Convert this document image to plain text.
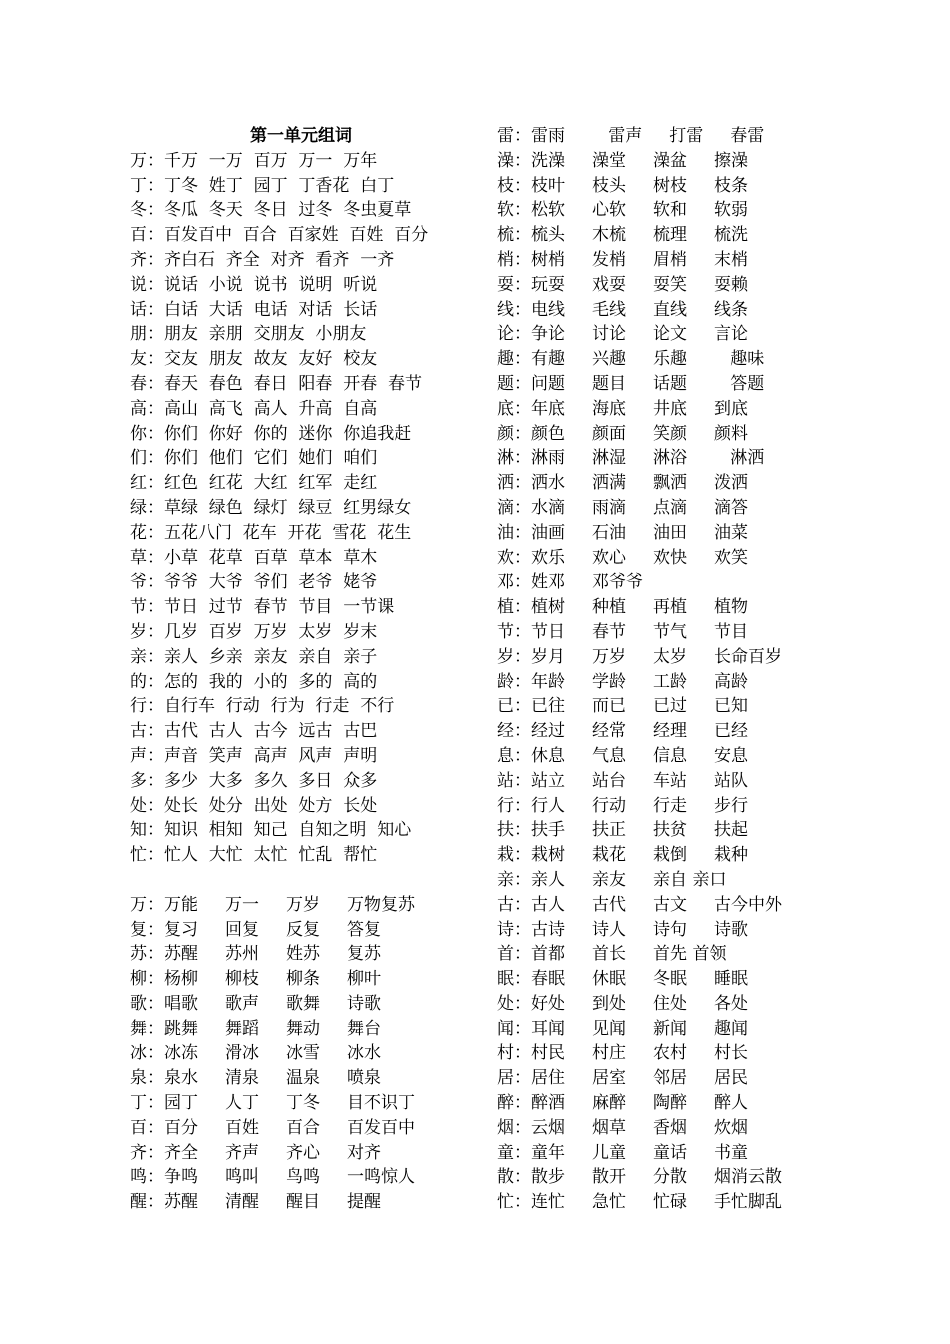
第一单元组词
万：千万  一万  百万  万一  万年
丁：丁冬  姓丁  园丁  丁香花  白丁
冬：冬瓜  冬天  冬日  过冬  冬虫夏草
百：百发百中  百合  百家姓  百姓  百分
齐：齐白石  齐全  对齐  看齐  一齐
说：说话  小说  说书  说明  听说
话：白话  大话  电话  对话  长话
朋：朋友  亲朋  交朋友  小朋友
友：交友  朋友  故友  友好  校友
春：春天  春色  春日  阳春  开春  春节
高：高山  高飞  高人  升高  自高
你：你们  你好  你的  迷你  你追我赶
们：你们  他们  它们  她们  咱们
红：红色  红花  大红  红军  走红
绿：草绿  绿色  绿灯  绿豆  红男绿女
花：五花八门  花车  开花  雪花  花生
草：小草  花草  百草  草本  草木
爷：爷爷  大爷  爷们  老爷  姥爷
节：节日  过节  春节  节目  一节课
岁：几岁  百岁  万岁  太岁  岁末
亲：亲人  乡亲  亲友  亲自  亲子
的：怎的  我的  小的  多的  高的
行：自行车  行动  行为  行走  不行
古：古代  古人  古今  远古  古巴
声：声音  笑声  高声  风声  声明
多：多少  大多  多久  多日  众多
处：处长  处分  出处  处方  长处
知：知识  相知  知己  自知之明  知心
忙：忙人  大忙  太忙  忙乱  帮忙
万：万能     万一     万岁     万物复苏
复：复习     回复     反复     答复
苏：苏醒     苏州     姓苏     复苏
柳：杨柳     柳枝     柳条     柳叶
歌：唱歌     歌声     歌舞     诗歌
舞：跳舞     舞蹈     舞动     舞台
冰：冰冻     滑冰     冰雪     冰水
泉：泉水     清泉     温泉     喷泉
丁：园丁     人丁     丁冬     目不识丁
百：百分     百姓     百合     百发百中
齐：齐全     齐声     齐心     对齐
鸣：争鸣     鸣叫     鸟鸣     一鸣惊人
醒：苏醒     清醒     醒目     提醒
雷：雷雨        雷声     打雷     春雷
澡：洗澡     澡堂     澡盆     擦澡
枝：枝叶     枝头     树枝     枝条
软：松软     心软     软和     软弱
梳：梳头     木梳     梳理     梳洗
梢：树梢     发梢     眉梢     末梢
耍：玩耍     戏耍     耍笑     耍赖
线：电线     毛线     直线     线条
论：争论     讨论     论文     言论
趣：有趣     兴趣     乐趣        趣味
题：问题     题目     话题        答题
底：年底     海底     井底     到底
颜：颜色     颜面     笑颜     颜料
淋：淋雨     淋湿     淋浴        淋洒
洒：洒水     洒满     飘洒     泼洒
滴：水滴     雨滴     点滴     滴答
油：油画     石油     油田     油菜
欢：欢乐     欢心     欢快     欢笑
邓：姓邓     邓爷爷
植：植树     种植     再植     植物
节：节日     春节     节气     节目
岁：岁月     万岁     太岁     长命百岁
龄：年龄     学龄     工龄     高龄
已：已往     而已     已过     已知
经：经过     经常     经理     已经
息：休息     气息     信息     安息
站：站立     站台     车站     站队
行：行人     行动     行走     步行
扶：扶手     扶正     扶贫     扶起
栽：栽树     栽花     栽倒     栽种
亲：亲人     亲友     亲自 亲口
古：古人     古代     古文     古今中外
诗：古诗     诗人     诗句     诗歌
首：首都     首长     首先 首领
眠：春眠     休眠     冬眠     睡眠
处：好处     到处     住处     各处
闻：耳闻     见闻     新闻     趣闻
村：村民     村庄     农村     村长
居：居住     居室     邻居     居民
醉：醉酒     麻醉     陶醉     醉人
烟：云烟     烟草     香烟     炊烟
童：童年     儿童     童话     书童
散：散步     散开     分散     烟消云散
忙：连忙     急忙     忙碌     手忙脚乱
